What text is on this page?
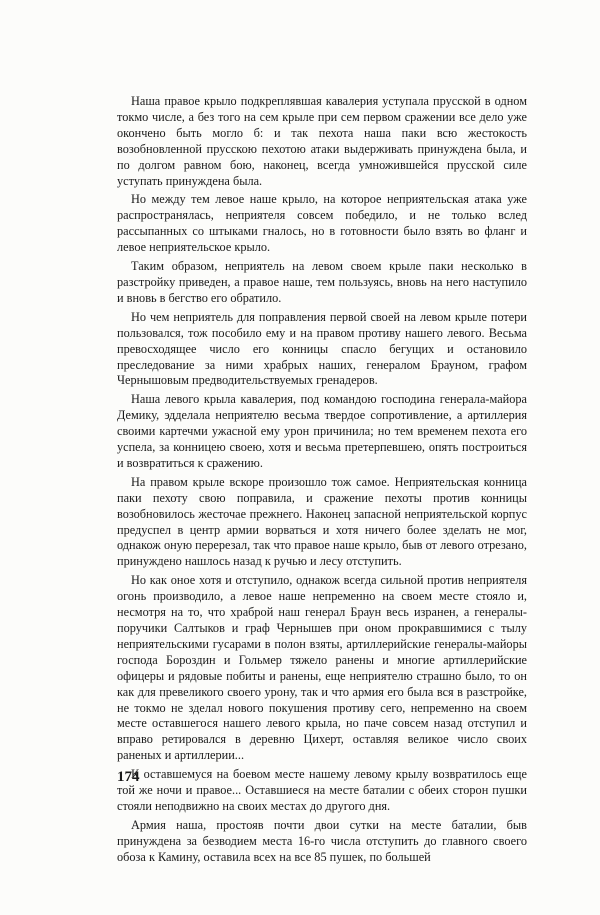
Наша правое крыло подкреплявшая кавалерия уступала прусской в одном токмо числе, а без того на сем крыле при сем первом сражении все дело уже окончено быть могло б: и так пехота наша паки всю жестокость возобновленной прусскою пехотою атаки выдерживать принуждена была, и по долгом равном бою, наконец, всегда умножившейся прусской силе уступать принуждена была.

Но между тем левое наше крыло, на которое неприятельская атака уже распространялась, неприятеля совсем победило, и не только вслед рассыпанных со штыками гналось, но в готовности было взять во фланг и левое неприятельское крыло.

Таким образом, неприятель на левом своем крыле паки несколько в разстройку приведен, а правое наше, тем пользуясь, вновь на него наступило и вновь в бегство его обратило.

Но чем неприятель для поправления первой своей на левом крыле потери пользовался, тож пособило ему и на правом противу нашего левого. Весьма превосходящее число его конницы спасло бегущих и остановило преследование за ними храбрых наших, генералом Брауном, графом Чернышовым предводительствуемых гренадеров.

Наша левого крыла кавалерия, под командою господина генерала-майора Демику, эдделала неприятелю весьма твердое сопротивление, а артиллерия своими картечми ужасной ему урон причинила; но тем временем пехота его успела, за конницею своею, хотя и весьма претерпевшею, опять построиться и возвратиться к сражению.

На правом крыле вскоре произошло тож самое. Неприятельская конница паки пехоту свою поправила, и сражение пехоты против конницы возобновилось жесточае прежнего. Наконец запасной неприятельской корпус предуспел в центр армии ворваться и хотя ничего более зделать не мог, однакож оную перерезал, так что правое наше крыло, быв от левого отрезано, принуждено нашлось назад к ручью и лесу отступить.

Но как оное хотя и отступило, однакож всегда сильной против неприятеля огонь производило, а левое наше непременно на своем месте стояло и, несмотря на то, что храброй наш генерал Браун весь изранен, а генералы-поручики Салтыков и граф Чернышев при оном прокравшимися с тылу неприятельскими гусарами в полон взяты, артиллерийские генералы-майоры господа Бороздин и Гольмер тяжело ранены и многие артиллерийские офицеры и рядовые побиты и ранены, еще неприятелю страшно было, то он как для превеликого своего урону, так и что армия его была вся в разстройке, не токмо не зделал нового покушения противу сего, непременно на своем месте оставшегося нашего левого крыла, но паче совсем назад отступил и вправо ретировался в деревню Цихерт, оставляя великое число своих раненых и артиллерии...

К оставшемуся на боевом месте нашему левому крылу возвратилось еще той же ночи и правое... Оставшиеся на месте баталии с обеих сторон пушки стояли неподвижно на своих местах до другого дня.

Армия наша, простояв почти двои сутки на месте баталии, быв принуждена за безводием места 16-го числа отступить до главного своего обоза к Камину, оставила всех на все 85 пушек, по большей

174
